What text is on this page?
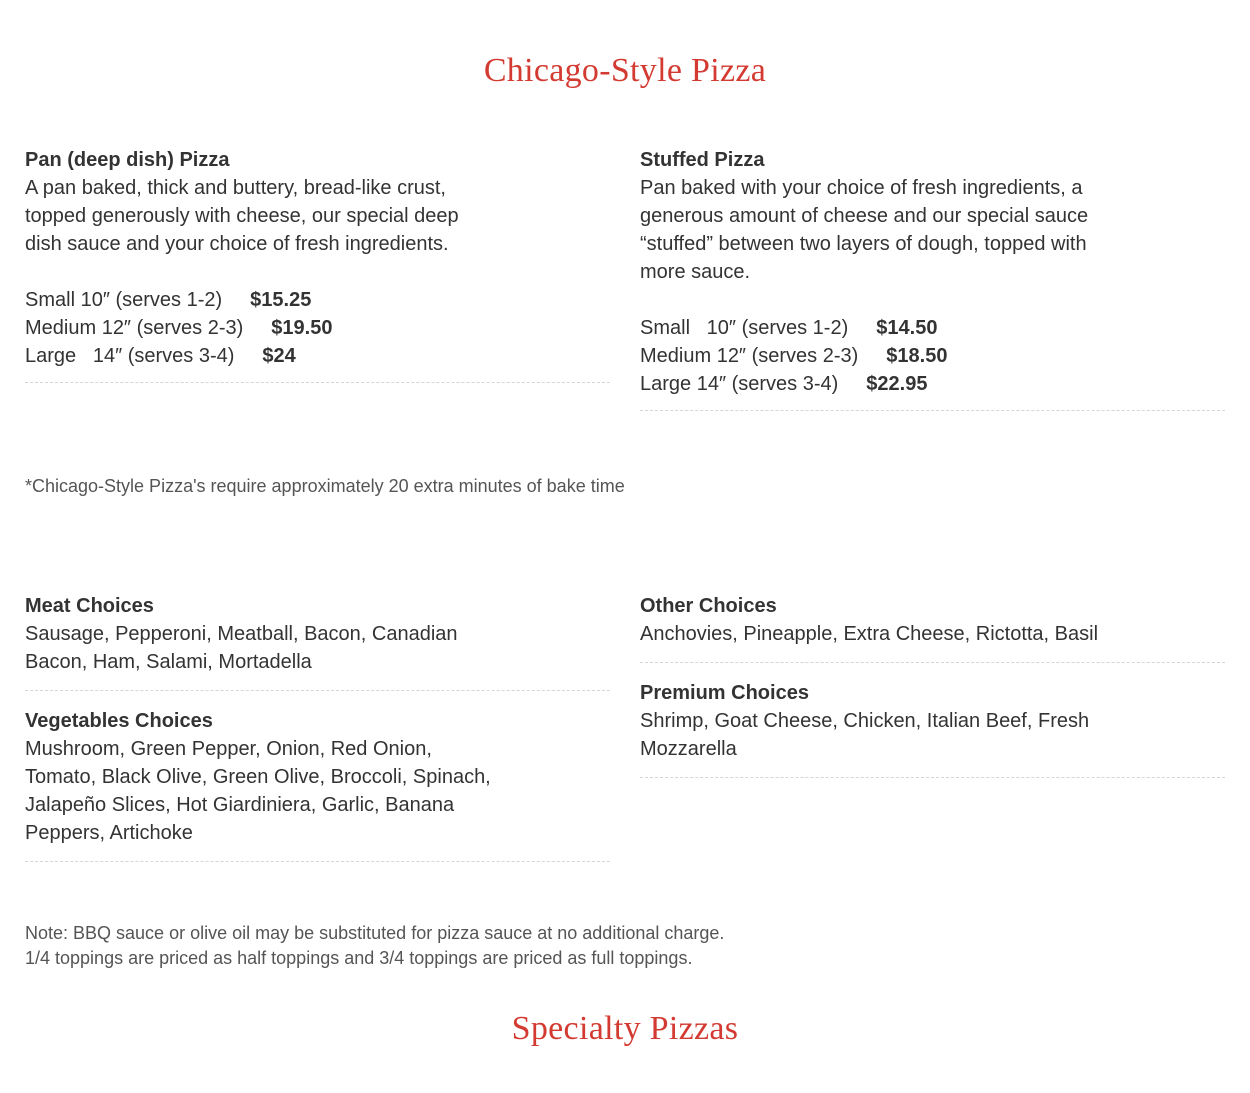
Chicago-Style Pizza
Pan (deep dish) Pizza
A pan baked, thick and buttery, bread-like crust, topped generously with cheese, our special deep dish sauce and your choice of fresh ingredients.
Small 10″ (serves 1-2) $15.25
Medium 12″ (serves 2-3) $19.50
Large   14″ (serves 3-4) $24
Stuffed Pizza
Pan baked with your choice of fresh ingredients, a generous amount of cheese and our special sauce “stuffed” between two layers of dough, topped with more sauce.
Small   10″ (serves 1-2) $14.50
Medium 12″ (serves 2-3) $18.50
Large 14″ (serves 3-4) $22.95
*Chicago-Style Pizza's require approximately 20 extra minutes of bake time
Meat Choices
Sausage, Pepperoni, Meatball, Bacon, Canadian Bacon, Ham, Salami, Mortadella
Vegetables Choices
Mushroom, Green Pepper, Onion, Red Onion, Tomato, Black Olive, Green Olive, Broccoli, Spinach, Jalapeño Slices, Hot Giardiniera, Garlic, Banana Peppers, Artichoke
Other Choices
Anchovies, Pineapple, Extra Cheese, Rictotta, Basil
Premium Choices
Shrimp, Goat Cheese, Chicken, Italian Beef, Fresh Mozzarella
Note: BBQ sauce or olive oil may be substituted for pizza sauce at no additional charge.
1/4 toppings are priced as half toppings and 3/4 toppings are priced as full toppings.
Specialty Pizzas
